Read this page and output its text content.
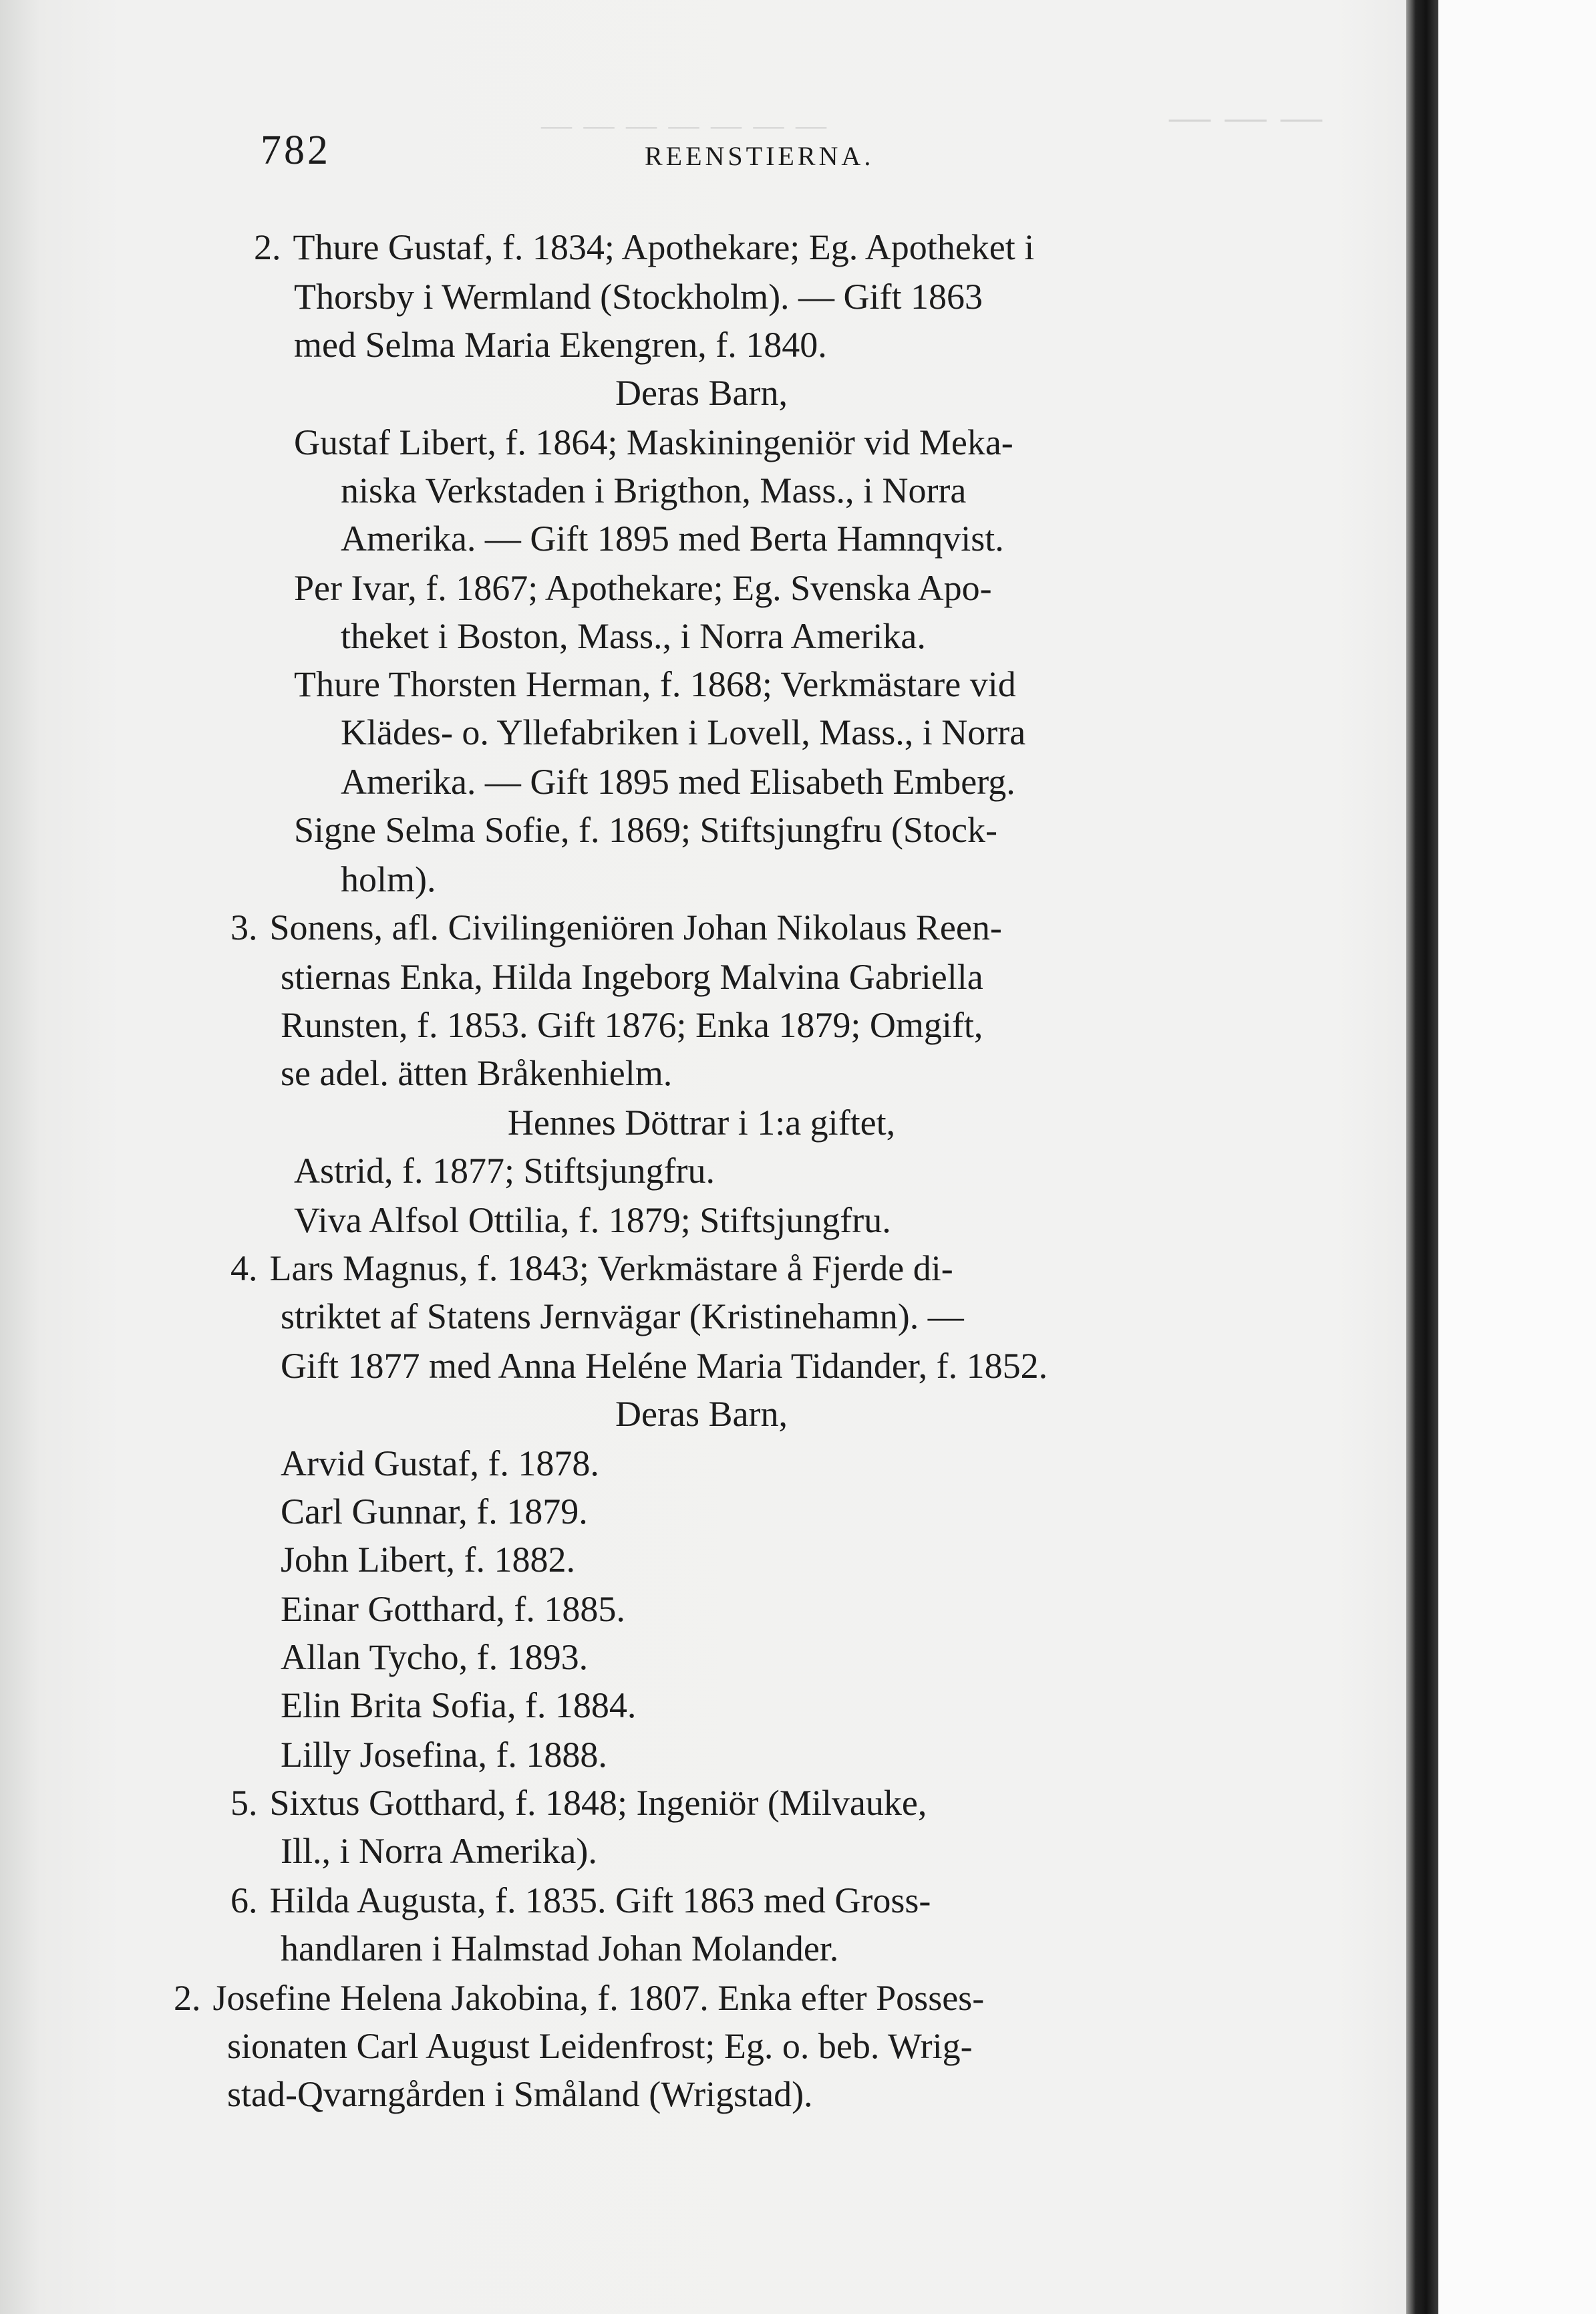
— — — — — — —	— — —
782	REENSTIERNA.
2. Thure Gustaf, f. 1834; Apothekare; Eg. Apotheket i
Thorsby i Wermland (Stockholm). — Gift 1863
med Selma Maria Ekengren, f. 1840.
Deras Barn,
Gustaf Libert, f. 1864; Maskiningeniör vid Meka-
niska Verkstaden i Brigthon, Mass., i Norra
Amerika. — Gift 1895 med Berta Hamnqvist.
Per Ivar, f. 1867; Apothekare; Eg. Svenska Apo-
theket i Boston, Mass., i Norra Amerika.
Thure Thorsten Herman, f. 1868; Verkmästare vid
Klädes- o. Yllefabriken i Lovell, Mass., i Norra
Amerika. — Gift 1895 med Elisabeth Emberg.
Signe Selma Sofie, f. 1869; Stiftsjungfru (Stock-
holm).
3. Sonens, afl. Civilingeniören Johan Nikolaus Reen-
stiernas Enka, Hilda Ingeborg Malvina Gabriella
Runsten, f. 1853. Gift 1876; Enka 1879; Omgift,
se adel. ätten Bråkenhielm.
Hennes Döttrar i 1:a giftet,
Astrid, f. 1877; Stiftsjungfru.
Viva Alfsol Ottilia, f. 1879; Stiftsjungfru.
4. Lars Magnus, f. 1843; Verkmästare å Fjerde di-
striktet af Statens Jernvägar (Kristinehamn). —
Gift 1877 med Anna Heléne Maria Tidander, f. 1852.
Deras Barn,
Arvid Gustaf, f. 1878.
Carl Gunnar, f. 1879.
John Libert, f. 1882.
Einar Gotthard, f. 1885.
Allan Tycho, f. 1893.
Elin Brita Sofia, f. 1884.
Lilly Josefina, f. 1888.
5. Sixtus Gotthard, f. 1848; Ingeniör (Milvauke,
Ill., i Norra Amerika).
6. Hilda Augusta, f. 1835. Gift 1863 med Gross-
handlaren i Halmstad Johan Molander.
2. Josefine Helena Jakobina, f. 1807. Enka efter Posses-
sionaten Carl August Leidenfrost; Eg. o. beb. Wrig-
stad-Qvarngården i Småland (Wrigstad).
